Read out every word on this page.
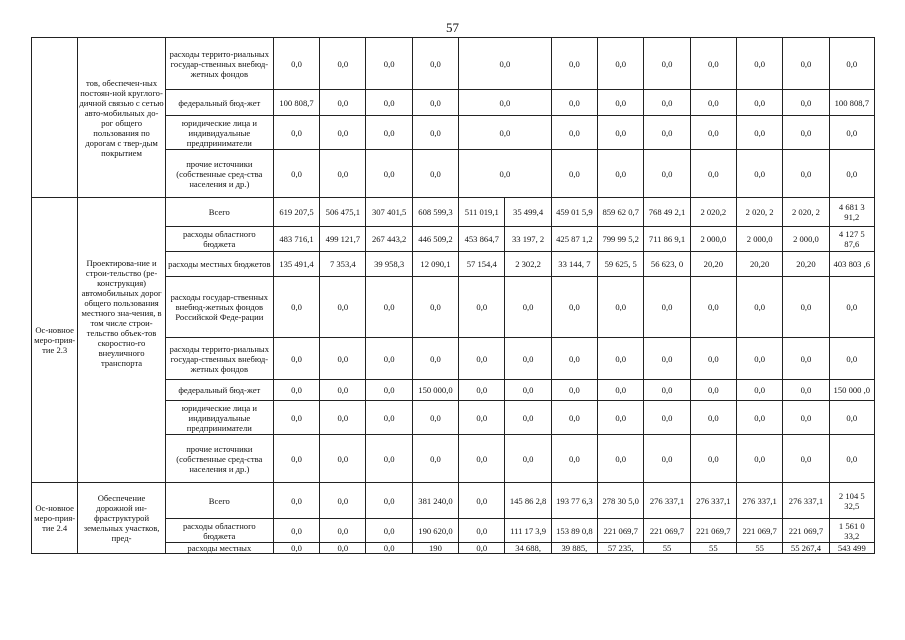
57
	тов, обеспечен-ных постоян-ной круглого-дичной связью с сетью авто-мобильных до-рог общего пользования по дорогам с твер-дым покрытием	расходы террито-риальных государ-ственных внебюд-жетных фондов	0,0	0,0	0,0	0,0	0,0		0,0	0,0	0,0	0,0	0,0	0,0	0,0
		федеральный бюд-жет	100 808,7	0,0	0,0	0,0	0,0		0,0	0,0	0,0	0,0	0,0	0,0	100 808,7
		юридические лица и индивидуальные предприниматели	0,0	0,0	0,0	0,0	0,0		0,0	0,0	0,0	0,0	0,0	0,0	0,0
		прочие источники (собственные сред-ства населения и др.)	0,0	0,0	0,0	0,0	0,0		0,0	0,0	0,0	0,0	0,0	0,0	0,0
Ос-новное меро-прия-тие 2.3	Проектирова-ние и строи-тельство (ре-конструкция) автомобильных дорог общего пользования местного зна-чения, в том числе строи-тельство объек-тов скоростно-го внеуличного транспорта	Всего	619 207,5	506 475,1	307 401,5	608 599,3	511 019,1	35 499,4	459 01 5,9	859 62 0,7	768 49 2,1	2 020,2	2 020, 2	2 020, 2	4 681 3 91,2
		расходы областного бюджета	483 716,1	499 121,7	267 443,2	446 509,2	453 864,7	33 197, 2	425 87 1,2	799 99 5,2	711 86 9,1	2 000,0	2 000,0	2 000,0	4 127 5 87,6
		расходы местных бюджетов	135 491,4	7 353,4	39 958,3	12 090,1	57 154,4	2 302,2	33 144, 7	59 625, 5	56 623, 0	20,20	20,20	20,20	403 803 ,6
		расходы государ-ственных внебюд-жетных фондов Российской Феде-рации	0,0	0,0	0,0	0,0	0,0	0,0	0,0	0,0	0,0	0,0	0,0	0,0	0,0
		расходы террито-риальных государ-ственных внебюд-жетных фондов	0,0	0,0	0,0	0,0	0,0	0,0	0,0	0,0	0,0	0,0	0,0	0,0	0,0
		федеральный бюд-жет	0,0	0,0	0,0	150 000,0	0,0	0,0	0,0	0,0	0,0	0,0	0,0	0,0	150 000 ,0
		юридические лица и индивидуальные предприниматели	0,0	0,0	0,0	0,0	0,0	0,0	0,0	0,0	0,0	0,0	0,0	0,0	0,0
		прочие источники (собственные сред-ства населения и др.)	0,0	0,0	0,0	0,0	0,0	0,0	0,0	0,0	0,0	0,0	0,0	0,0	0,0
Ос-новное меро-прия-тие 2.4	Обеспечение дорожной ин-фраструктурой земельных участков, пред-	Всего	0,0	0,0	0,0	381 240,0	0,0	145 86 2,8	193 77 6,3	278 30 5,0	276 337,1	276 337,1	276 337,1	276 337,1	2 104 5 32,5
		расходы областного бюджета	0,0	0,0	0,0	190 620,0	0,0	111 17 3,9	153 89 0,8	221 069,7	221 069,7	221 069,7	221 069,7	221 069,7	1 561 0 33,2
		расходы местных	0,0	0,0	0,0	190	0,0	34 688,	39 885,	57 235,	55	55	55	55 267,4	543 499
